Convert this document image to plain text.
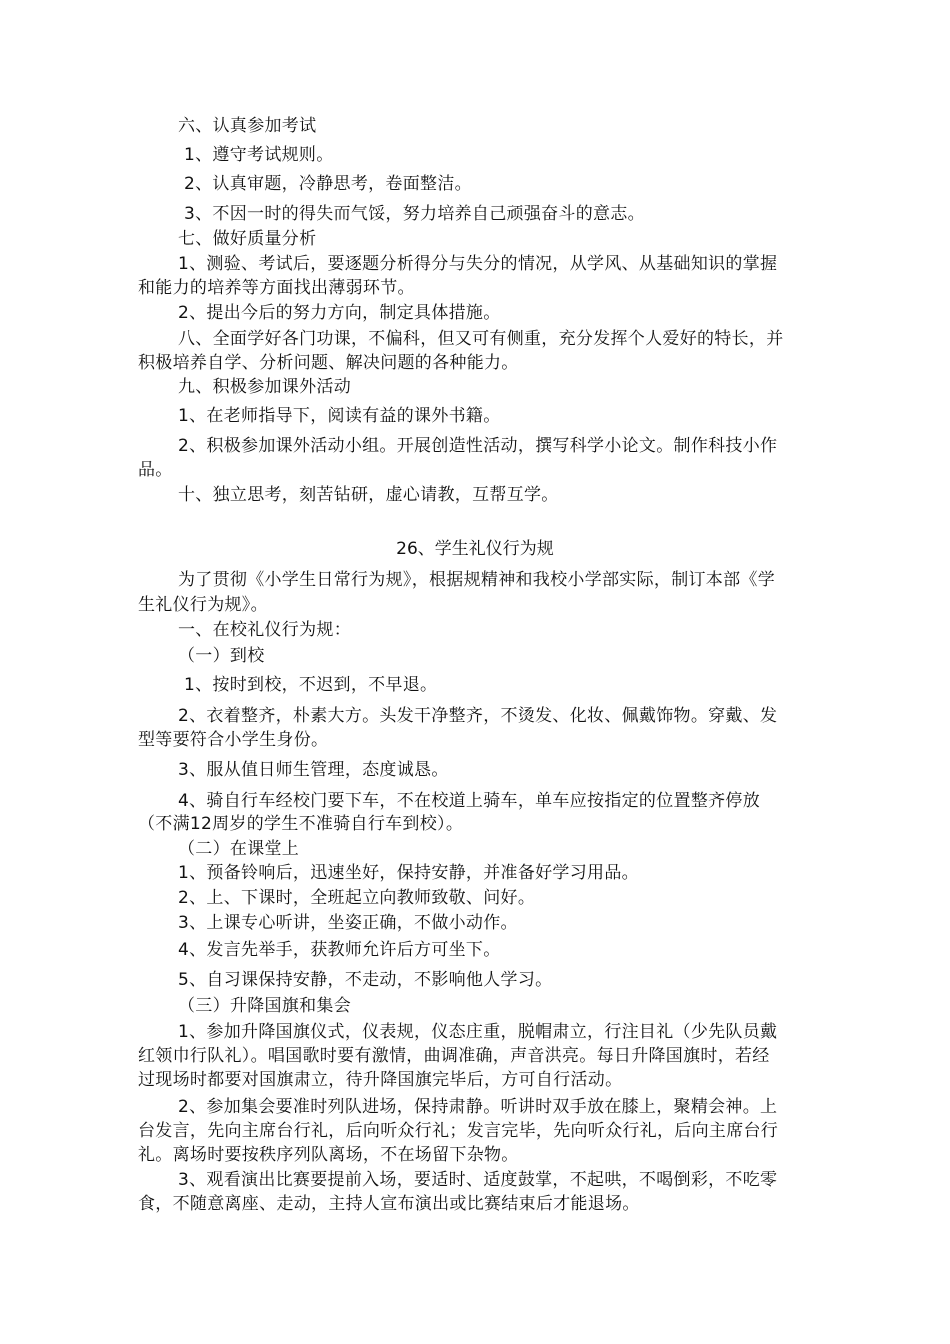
六、认真参加考试
1、遵守考试规则。
2、认真审题，冷静思考，卷面整洁。
3、不因一时的得失而气馁，努力培养自己顽强奋斗的意志。
七、做好质量分析
1、测验、考试后，要逐题分析得分与失分的情况，从学风、从基础知识的掌握
和能力的培养等方面找出薄弱环节。
2、提出今后的努力方向，制定具体措施。
八、全面学好各门功课，不偏科，但又可有侧重，充分发挥个人爱好的特长，并
积极培养自学、分析问题、解决问题的各种能力。
九、积极参加课外活动
1、在老师指导下，阅读有益的课外书籍。
2、积极参加课外活动小组。开展创造性活动，撰写科学小论文。制作科技小作
品。
十、独立思考，刻苦钻研，虚心请教，互帮互学。
26、学生礼仪行为规
为了贯彻《小学生日常行为规》，根据规精神和我校小学部实际，制订本部《学
生礼仪行为规》。
一、在校礼仪行为规：
（一）到校
1、按时到校，不迟到，不早退。
2、衣着整齐，朴素大方。头发干净整齐，不烫发、化妆、佩戴饰物。穿戴、发
型等要符合小学生身份。
3、服从值日师生管理，态度诚恳。
4、骑自行车经校门要下车，不在校道上骑车，单车应按指定的位置整齐停放
（不满12周岁的学生不准骑自行车到校）。
（二）在课堂上
1、预备铃响后，迅速坐好，保持安静，并准备好学习用品。
2、上、下课时，全班起立向教师致敬、问好。
3、上课专心听讲，坐姿正确，不做小动作。
4、发言先举手，获教师允许后方可坐下。
5、自习课保持安静，不走动，不影响他人学习。
（三）升降国旗和集会
1、参加升降国旗仪式，仪表规，仪态庄重，脱帽肃立，行注目礼（少先队员戴
红领巾行队礼）。唱国歌时要有激情，曲调准确，声音洪亮。每日升降国旗时，若经
过现场时都要对国旗肃立，待升降国旗完毕后，方可自行活动。
2、参加集会要准时列队进场，保持肃静。听讲时双手放在膝上，聚精会神。上
台发言，先向主席台行礼，后向听众行礼；发言完毕，先向听众行礼，后向主席台行
礼。离场时要按秩序列队离场，不在场留下杂物。
3、观看演出比赛要提前入场，要适时、适度鼓掌，不起哄，不喝倒彩，不吃零
食，不随意离座、走动，主持人宣布演出或比赛结束后才能退场。
